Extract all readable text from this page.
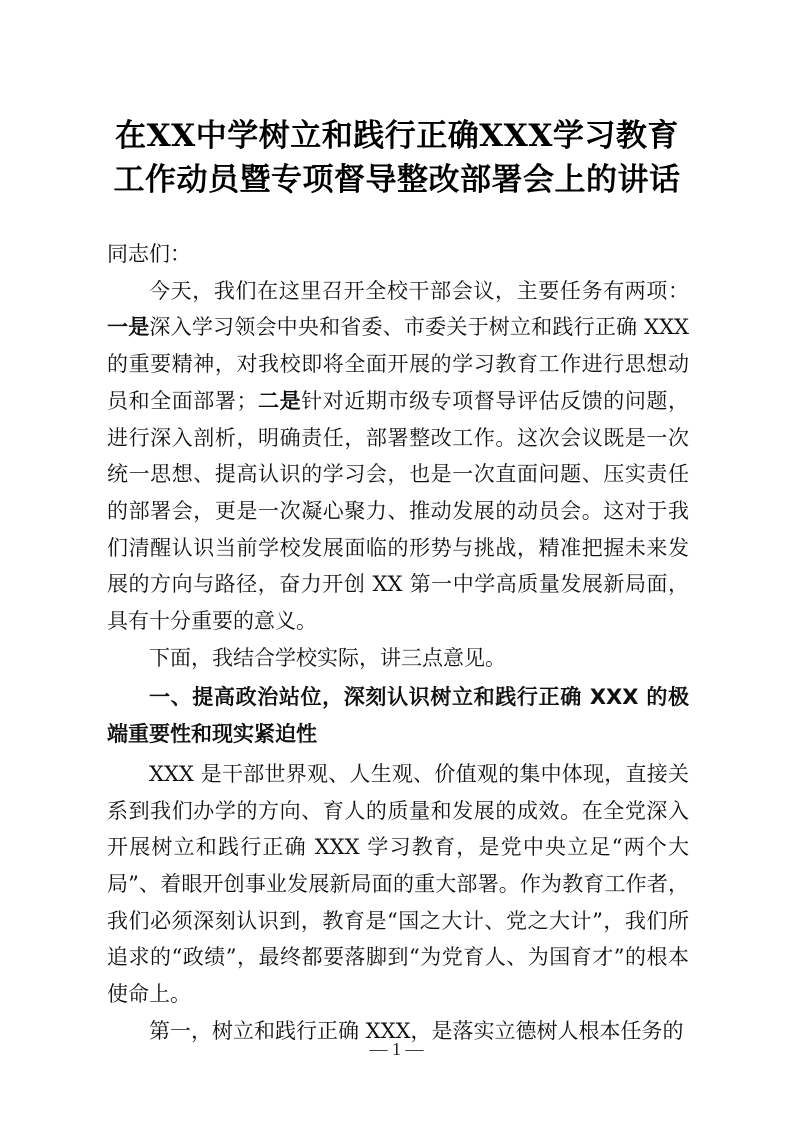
在XX中学树立和践行正确XXX学习教育
工作动员暨专项督导整改部署会上的讲话

同志们：

今天，我们在这里召开全校干部会议，主要任务有两项：一是深入学习领会中央和省委、市委关于树立和践行正确 XXX 的重要精神，对我校即将全面开展的学习教育工作进行思想动员和全面部署；二是针对近期市级专项督导评估反馈的问题，进行深入剖析，明确责任，部署整改工作。这次会议既是一次统一思想、提高认识的学习会，也是一次直面问题、压实责任的部署会，更是一次凝心聚力、推动发展的动员会。这对于我们清醒认识当前学校发展面临的形势与挑战，精准把握未来发展的方向与路径，奋力开创 XX 第一中学高质量发展新局面，具有十分重要的意义。

下面，我结合学校实际，讲三点意见。

一、提高政治站位，深刻认识树立和践行正确 XXX 的极端重要性和现实紧迫性

XXX 是干部世界观、人生观、价值观的集中体现，直接关系到我们办学的方向、育人的质量和发展的成效。在全党深入开展树立和践行正确 XXX 学习教育，是党中央立足“两个大局”、着眼开创事业发展新局面的重大部署。作为教育工作者，我们必须深刻认识到，教育是“国之大计、党之大计”，我们所追求的“政绩”，最终都要落脚到“为党育人、为国育才”的根本使命上。

第一，树立和践行正确 XXX，是落实立德树人根本任务的

— 1 —
